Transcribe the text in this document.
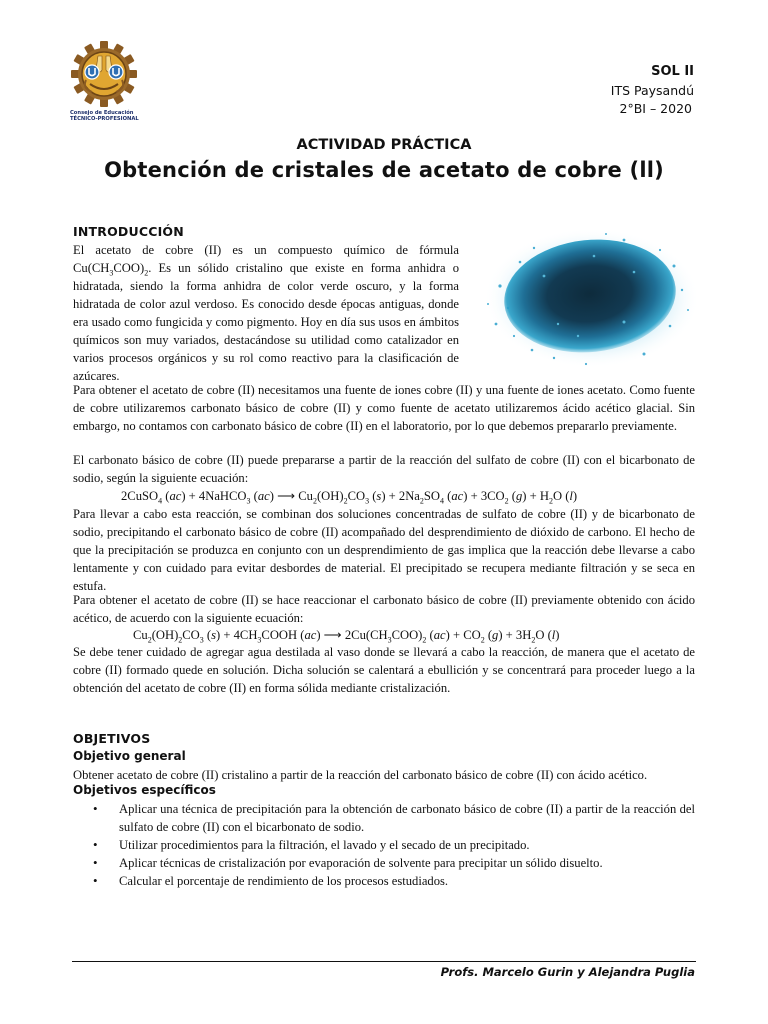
Consejo de Educación
TÉCNICO-PROFESIONAL
SOL II
ITS Paysandú
2°BI – 2020
ACTIVIDAD PRÁCTICA
Obtención de cristales de acetato de cobre (ll)
INTRODUCCIÓN

El acetato de cobre (II) es un compuesto químico de fórmula $Cu(CH_3COO)_2$. Es un sólido cristalino que existe en forma anhidra o hidratada, siendo la forma anhidra de color verde oscuro, y la forma hidratada de color azul verdoso. Es conocido desde épocas antiguas, donde era usado como fungicida y como pigmento. Hoy en día sus usos en ámbitos químicos son muy variados, destacándose su utilidad como catalizador en varios procesos orgánicos y su rol como reactivo para la clasificación de azúcares.

Para obtener el acetato de cobre (II) necesitamos una fuente de iones cobre (II) y una fuente de iones acetato. Como fuente de cobre utilizaremos carbonato básico de cobre (II) y como fuente de acetato utilizaremos ácido acético glacial. Sin embargo, no contamos con carbonato básico de cobre (II) en el laboratorio, por lo que debemos prepararlo previamente.

El carbonato básico de cobre (II) puede prepararse a partir de la reacción del sulfato de cobre (II) con el bicarbonato de sodio, según la siguiente ecuación:

2CuSO$_4$ (ac) + 4NaHCO$_3$ (ac) ⟶ $Cu_2(OH)_2CO_3$ $(s) + 2Na_2SO_4$ $(ac) + 3CO_2$ $(g) + H_2O$ (l)

Para llevar a cabo esta reacción, se combinan dos soluciones concentradas de sulfato de cobre (II) y de bicarbonato de sodio, precipitando el carbonato básico de cobre (II) acompañado del desprendimiento de dióxido de carbono. El hecho de que la precipitación se produzca en conjunto con un desprendimiento de gas implica que la reacción debe llevarse a cabo lentamente y con cuidado para evitar desbordes de material. El precipitado se recupera mediante filtración y se seca en estufa.

Para obtener el acetato de cobre (II) se hace reaccionar el carbonato básico de cobre (II) previamente obtenido con ácido acético, de acuerdo con la siguiente ecuación:

$Cu_2(OH)_2CO_3$ $(s) + 4CH_3COOH$ (ac) ⟶ $2Cu(CH_3COO)_2$ $(ac) + CO_2$ $(g) + 3H_2O$ (l)

Se debe tener cuidado de agregar agua destilada al vaso donde se llevará a cabo la reacción, de manera que el acetato de cobre (II) formado quede en solución. Dicha solución se calentará a ebullición y se concentrará para proceder luego a la obtención del acetato de cobre (II) en forma sólida mediante cristalización.

OBJETIVOS
Objetivo general

Obtener acetato de cobre (II) cristalino a partir de la reacción del carbonato básico de cobre (II) con ácido acético.

Objetivos específicos
• Aplicar una técnica de precipitación para la obtención de carbonato básico de cobre (II) a partir de la reacción del sulfato de cobre (II) con el bicarbonato de sodio.
• Utilizar procedimientos para la filtración, el lavado y el secado de un precipitado.
• Aplicar técnicas de cristalización por evaporación de solvente para precipitar un sólido disuelto.
• Calcular el porcentaje de rendimiento de los procesos estudiados.
Profs. Marcelo Gurin y Alejandra Puglia
